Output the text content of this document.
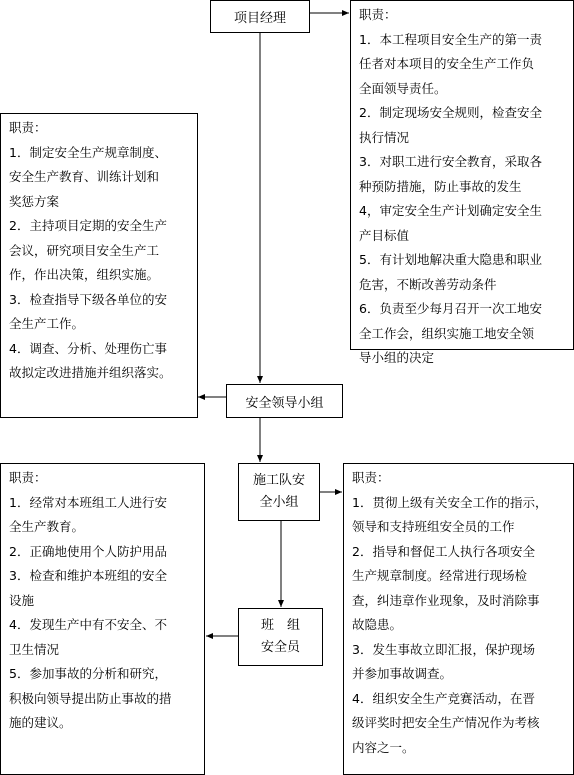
项目经理
安全领导小组
施工队安
全小组
班　组
安全员
职责：
1．本工程项目安全生产的第一责
任者对本项目的安全生产工作负
全面领导责任。
2．制定现场安全规则，检查安全
执行情况
3．对职工进行安全教育，采取各
种预防措施，防止事故的发生
4，审定安全生产计划确定安全生
产目标值
5．有计划地解决重大隐患和职业
危害，不断改善劳动条件
6．负责至少每月召开一次工地安
全工作会，组织实施工地安全领
导小组的决定
职责：
1．制定安全生产规章制度、
安全生产教育、训练计划和
奖惩方案
2．主持项目定期的安全生产
会议，研究项目安全生产工
作，作出决策，组织实施。
3．检查指导下级各单位的安
全生产工作。
4．调查、分析、处理伤亡事
故拟定改进措施并组织落实。
职责：
1．贯彻上级有关安全工作的指示，
领导和支持班组安全员的工作
2．指导和督促工人执行各项安全
生产规章制度。经常进行现场检
查，纠违章作业现象，及时消除事
故隐患。
3．发生事故立即汇报，保护现场
并参加事故调查。
4．组织安全生产竞赛活动，在晋
级评奖时把安全生产情况作为考核
内容之一。
职责：
1．经常对本班组工人进行安
全生产教育。
2．正确地使用个人防护用品
3．检查和维护本班组的安全
设施
4．发现生产中有不安全、不
卫生情况
5．参加事故的分析和研究，
积极向领导提出防止事故的措
施的建议。
